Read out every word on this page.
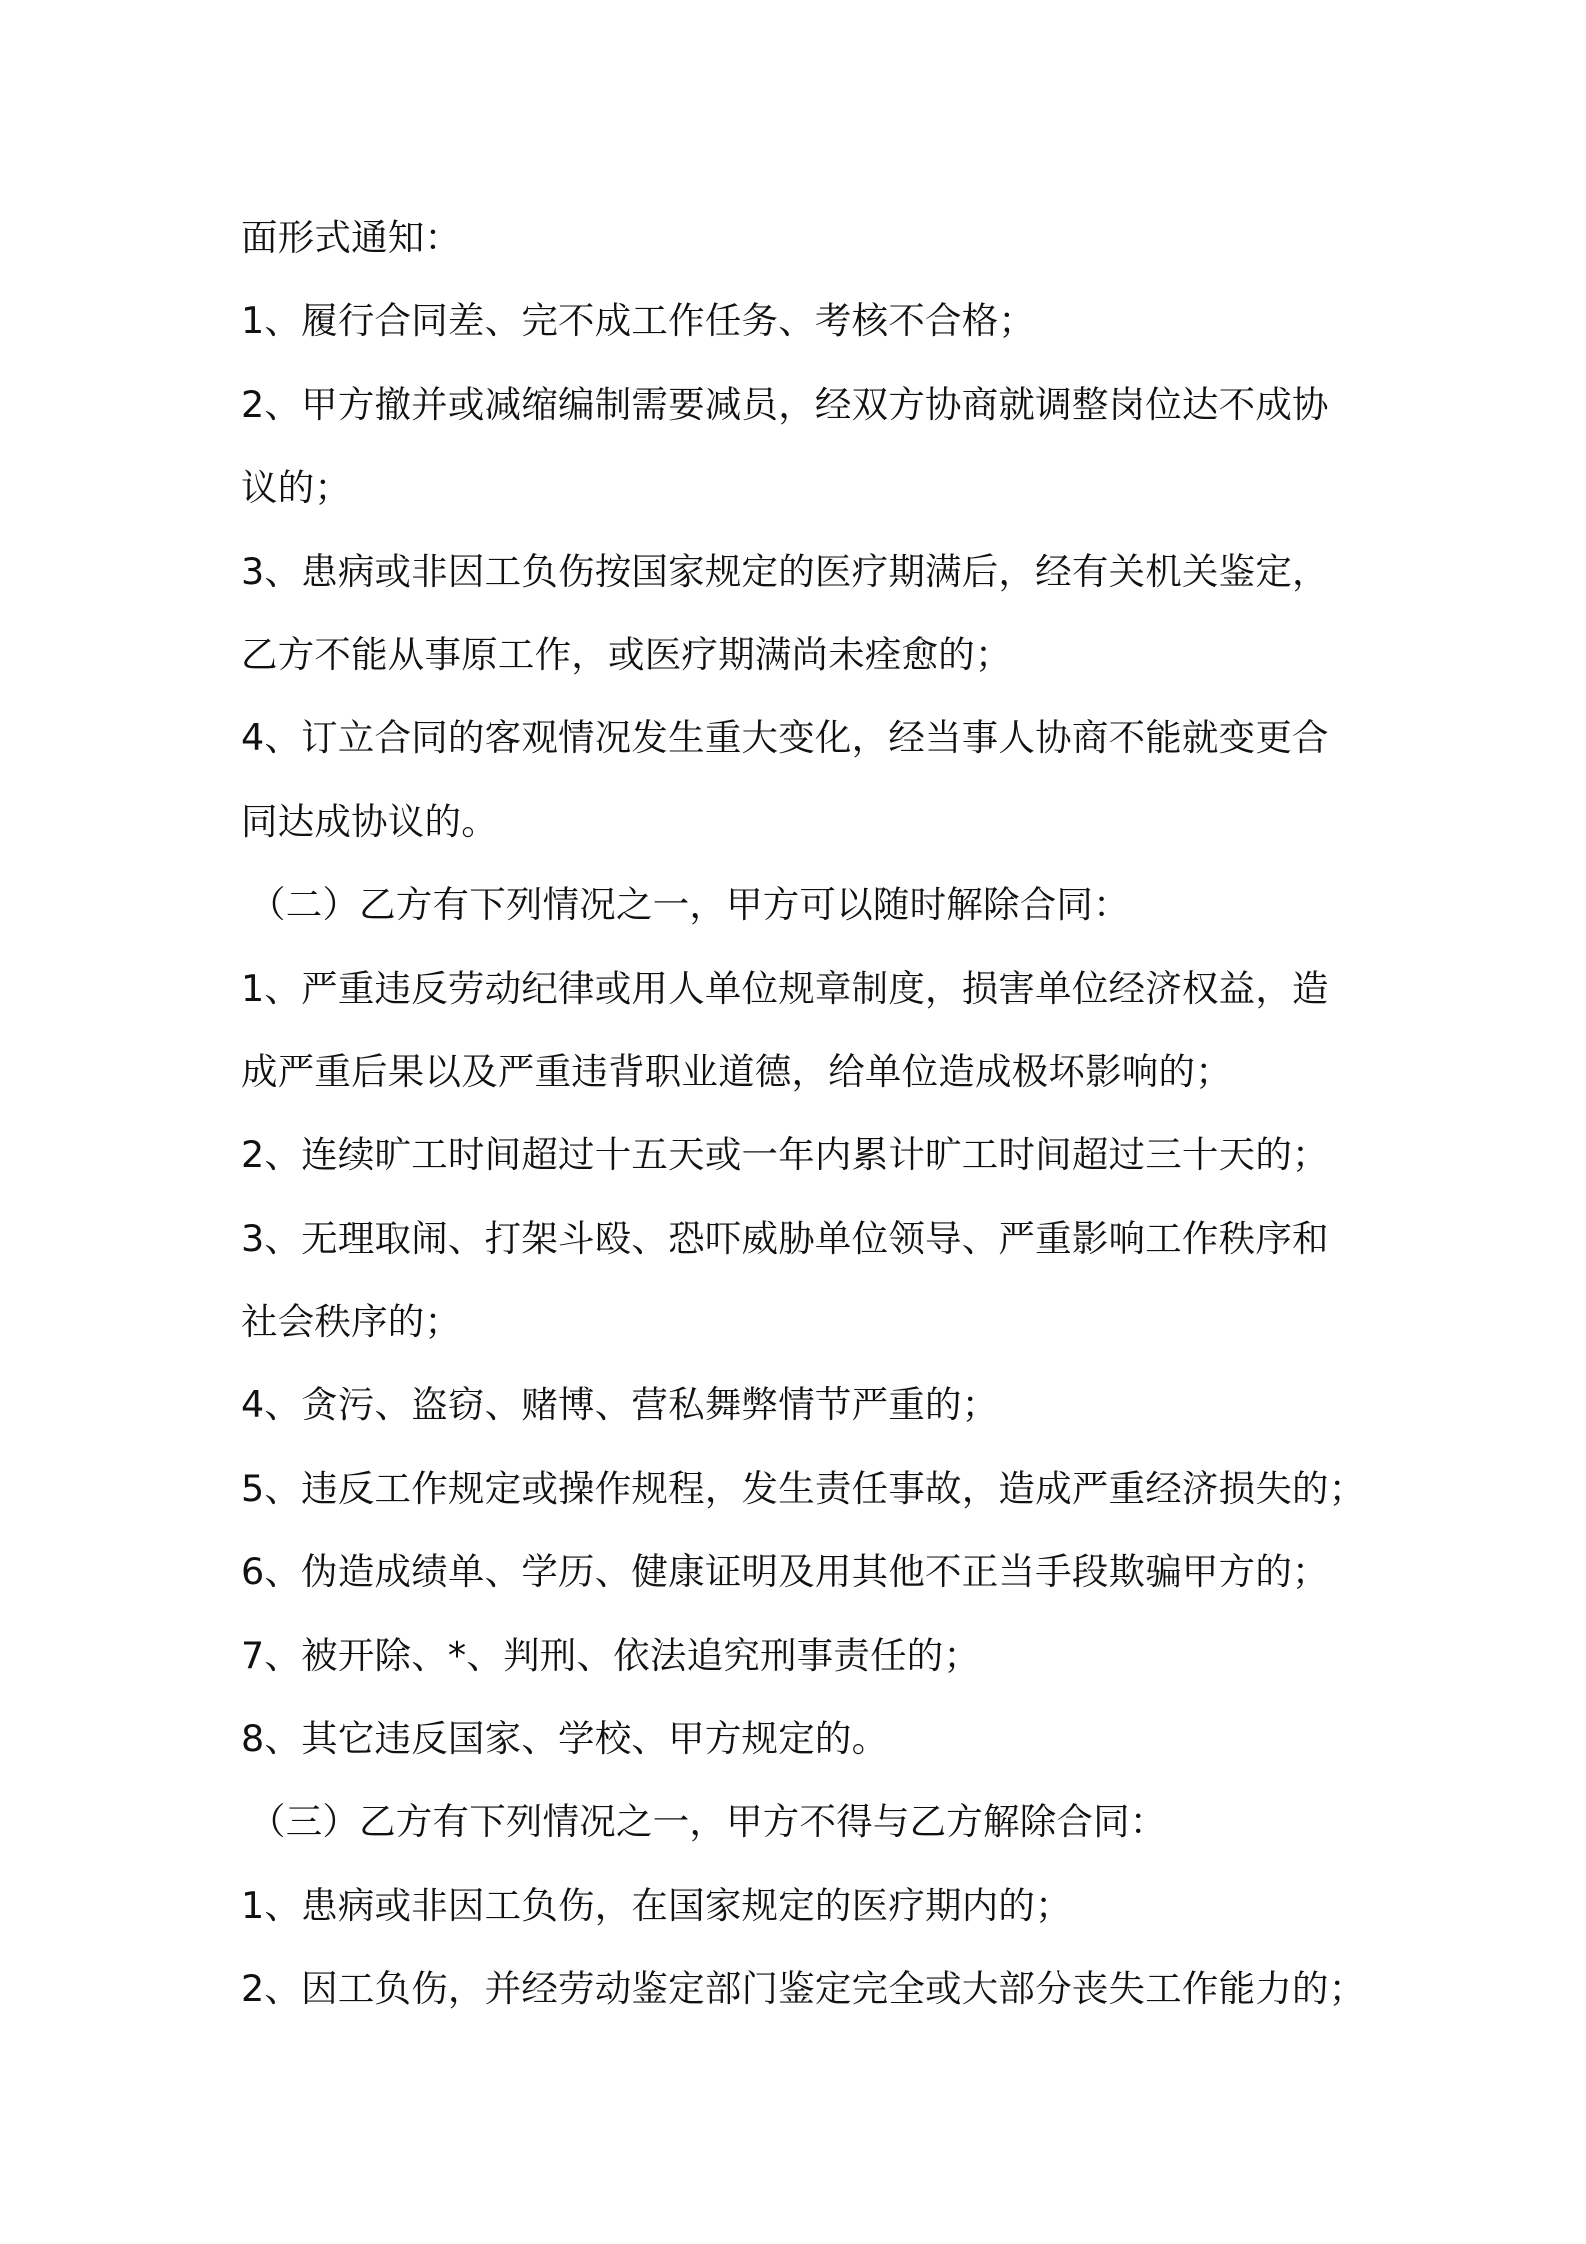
面形式通知：
1、履行合同差、完不成工作任务、考核不合格；
2、甲方撤并或减缩编制需要减员，经双方协商就调整岗位达不成协
议的；
3、患病或非因工负伤按国家规定的医疗期满后，经有关机关鉴定，
乙方不能从事原工作，或医疗期满尚未痊愈的；
4、订立合同的客观情况发生重大变化，经当事人协商不能就变更合
同达成协议的。
（二）乙方有下列情况之一，甲方可以随时解除合同：
1、严重违反劳动纪律或用人单位规章制度，损害单位经济权益，造
成严重后果以及严重违背职业道德，给单位造成极坏影响的；
2、连续旷工时间超过十五天或一年内累计旷工时间超过三十天的；
3、无理取闹、打架斗殴、恐吓威胁单位领导、严重影响工作秩序和
社会秩序的；
4、贪污、盗窃、赌博、营私舞弊情节严重的；
5、违反工作规定或操作规程，发生责任事故，造成严重经济损失的；
6、伪造成绩单、学历、健康证明及用其他不正当手段欺骗甲方的；
7、被开除、*、判刑、依法追究刑事责任的；
8、其它违反国家、学校、甲方规定的。
（三）乙方有下列情况之一，甲方不得与乙方解除合同：
1、患病或非因工负伤，在国家规定的医疗期内的；
2、因工负伤，并经劳动鉴定部门鉴定完全或大部分丧失工作能力的；
